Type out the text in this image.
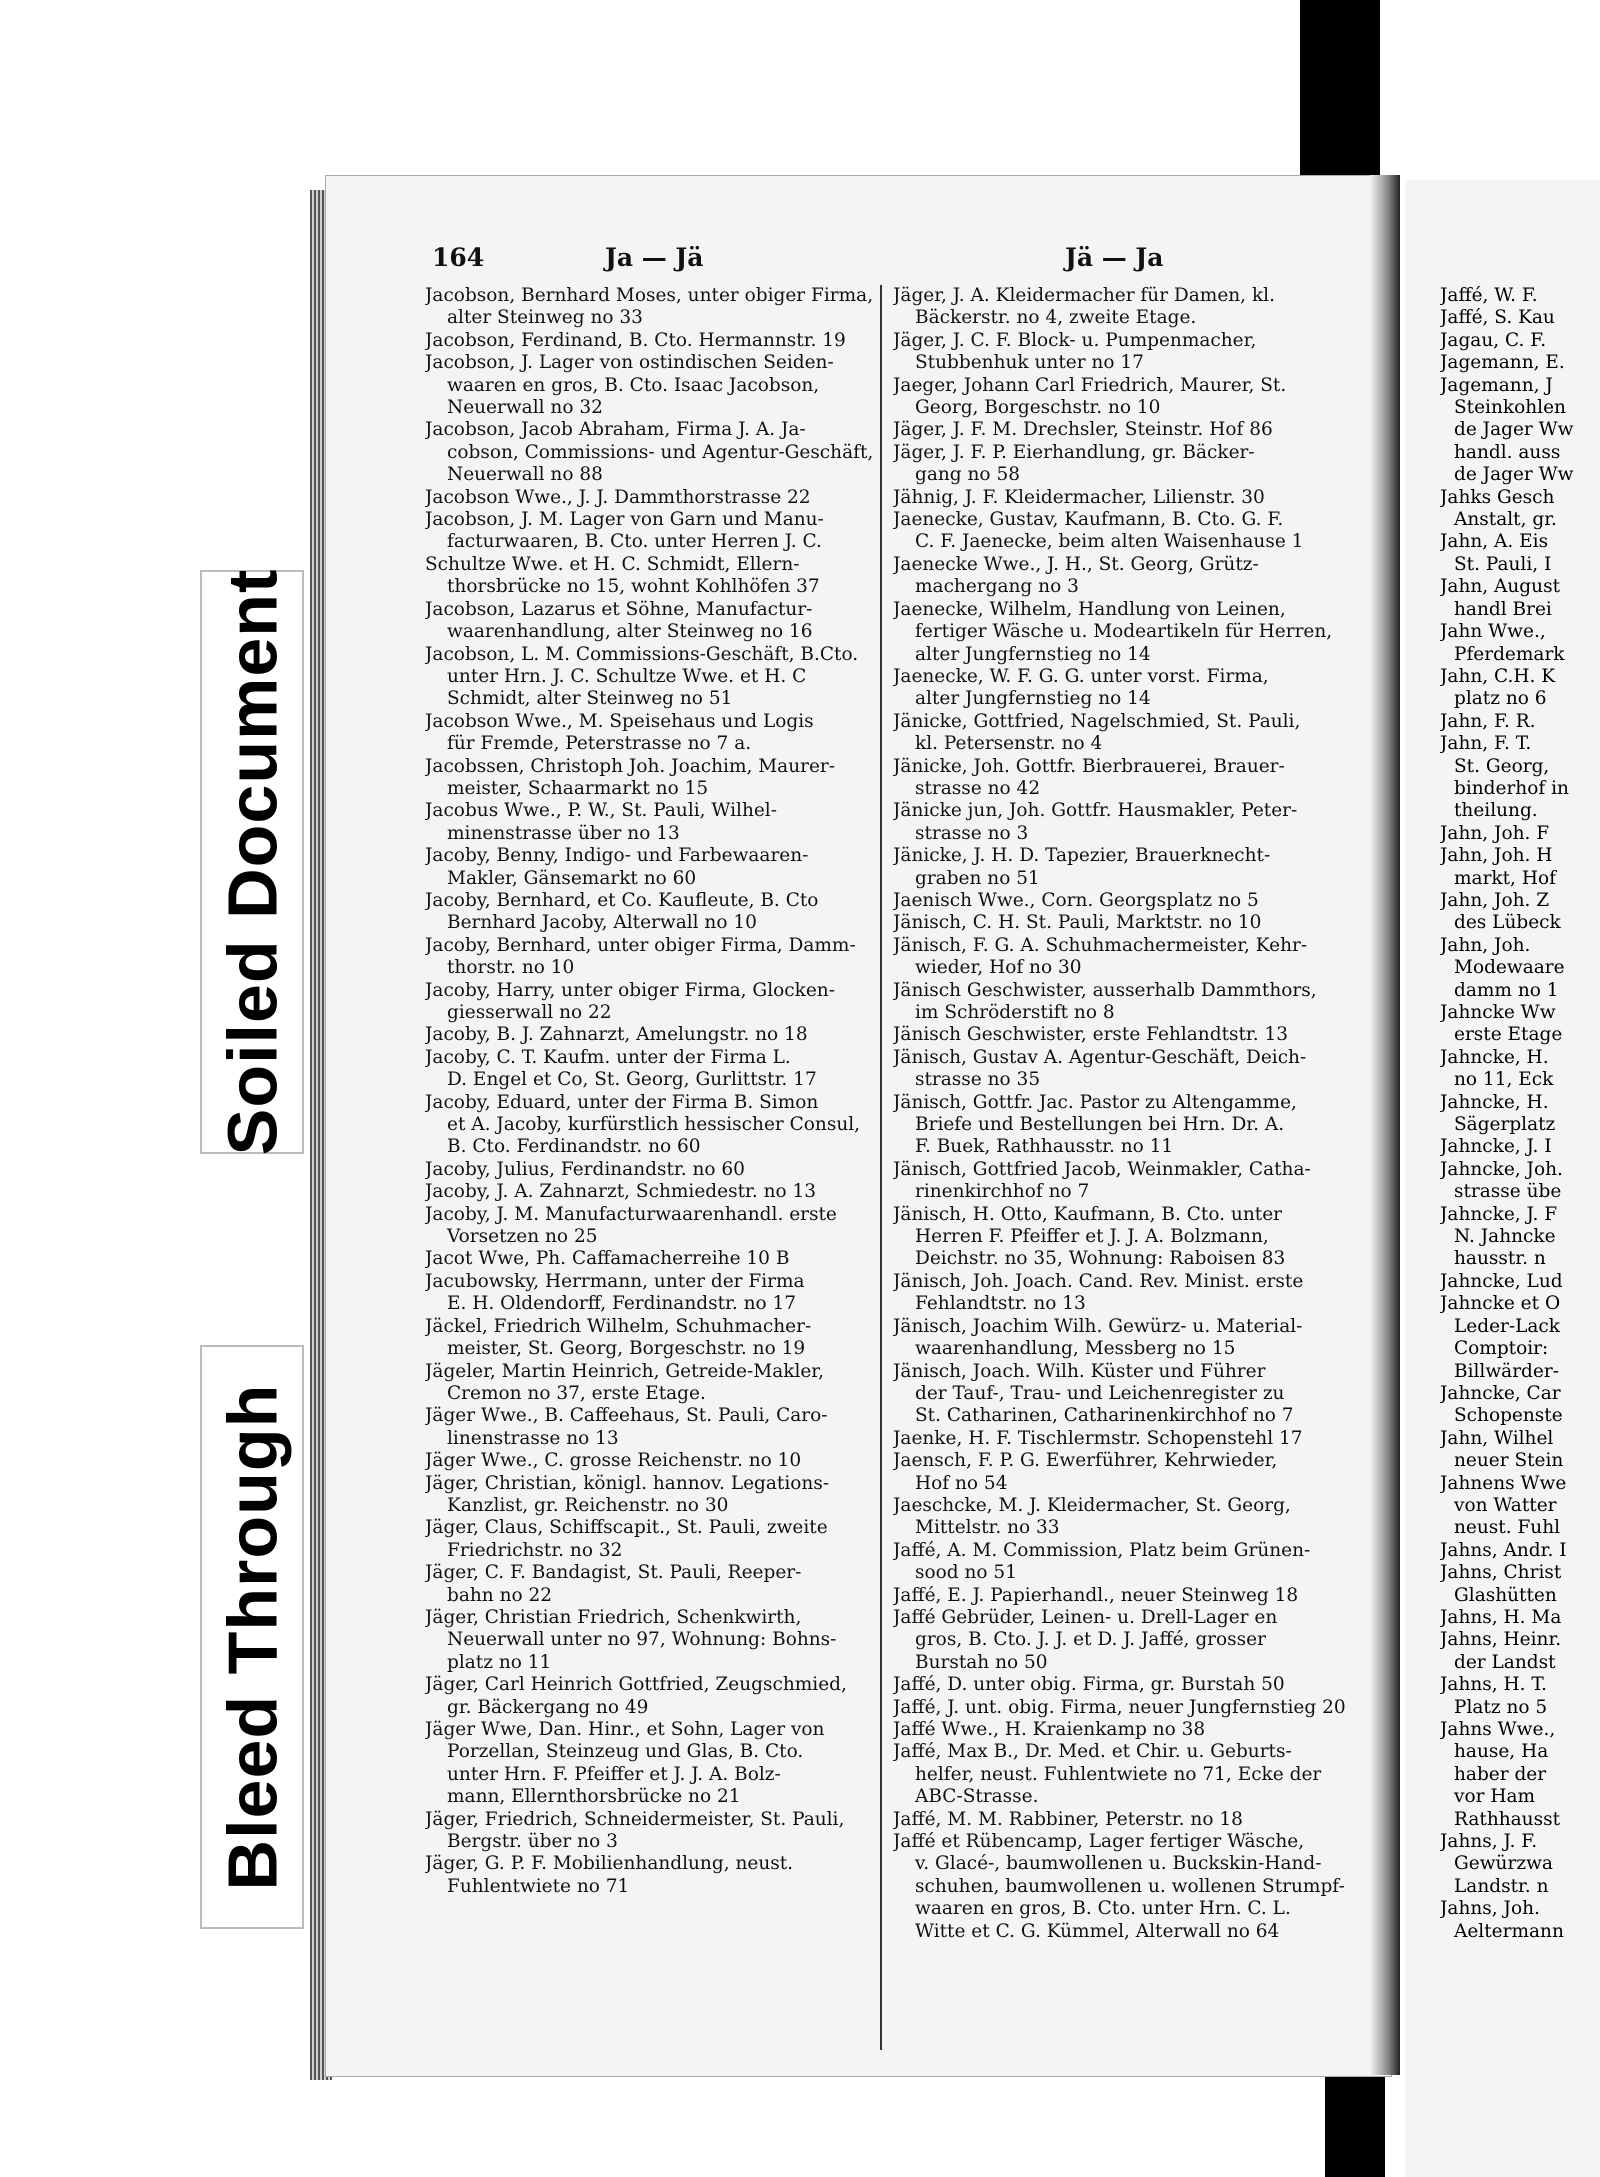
Jaffé, W. F.
Jaffé, S. Kau
Jagau, C. F.
Jagemann, E.
Jagemann, J
Steinkohlen
de Jager Ww
handl. auss
de Jager Ww
Jahks Gesch
Anstalt, gr.
Jahn, A. Eis
St. Pauli, I
Jahn, August
handl Brei
Jahn Wwe.,
Pferdemark
Jahn, C.H. K
platz no 6
Jahn, F. R.
Jahn, F. T.
St. Georg,
binderhof in
theilung.
Jahn, Joh. F
Jahn, Joh. H
markt, Hof
Jahn, Joh. Z
des Lübeck
Jahn, Joh.
Modewaare
damm no 1
Jahncke Ww
erste Etage
Jahncke, H.
no 11, Eck
Jahncke, H.
Sägerplatz
Jahncke, J. I
Jahncke, Joh.
strasse übe
Jahncke, J. F
N. Jahncke
hausstr. n
Jahncke, Lud
Jahncke et O
Leder-Lack
Comptoir:
Billwärder-
Jahncke, Car
Schopenste
Jahn, Wilhel
neuer Stein
Jahnens Wwe
von Watter
neust. Fuhl
Jahns, Andr. I
Jahns, Christ
Glashütten
Jahns, H. Ma
Jahns, Heinr.
der Landst
Jahns, H. T.
Platz no 5
Jahns Wwe.,
hause, Ha
haber der
vor Ham
Rathhausst
Jahns, J. F.
Gewürzwa
Landstr. n
Jahns, Joh.
Aeltermann
Soiled Document
Bleed Through
164	Ja — Jä	Jä — Ja
Jacobson, Bernhard Moses, unter obiger Firma,
alter Steinweg no 33
Jacobson, Ferdinand, B. Cto. Hermannstr. 19
Jacobson, J. Lager von ostindischen Seiden-
waaren en gros, B. Cto. Isaac Jacobson,
Neuerwall no 32
Jacobson, Jacob Abraham, Firma J. A. Ja-
cobson, Commissions- und Agentur-Geschäft,
Neuerwall no 88
Jacobson Wwe., J. J. Dammthorstrasse 22
Jacobson, J. M. Lager von Garn und Manu-
facturwaaren, B. Cto. unter Herren J. C.
Schultze Wwe. et H. C. Schmidt, Ellern-
thorsbrücke no 15, wohnt Kohlhöfen 37
Jacobson, Lazarus et Söhne, Manufactur-
waarenhandlung, alter Steinweg no 16
Jacobson, L. M. Commissions-Geschäft, B.Cto.
unter Hrn. J. C. Schultze Wwe. et H. C
Schmidt, alter Steinweg no 51
Jacobson Wwe., M. Speisehaus und Logis
für Fremde, Peterstrasse no 7 a.
Jacobssen, Christoph Joh. Joachim, Maurer-
meister, Schaarmarkt no 15
Jacobus Wwe., P. W., St. Pauli, Wilhel-
minenstrasse über no 13
Jacoby, Benny, Indigo- und Farbewaaren-
Makler, Gänsemarkt no 60
Jacoby, Bernhard, et Co. Kaufleute, B. Cto
Bernhard Jacoby, Alterwall no 10
Jacoby, Bernhard, unter obiger Firma, Damm-
thorstr. no 10
Jacoby, Harry, unter obiger Firma, Glocken-
giesserwall no 22
Jacoby, B. J. Zahnarzt, Amelungstr. no 18
Jacoby, C. T. Kaufm. unter der Firma L.
D. Engel et Co, St. Georg, Gurlittstr. 17
Jacoby, Eduard, unter der Firma B. Simon
et A. Jacoby, kurfürstlich hessischer Consul,
B. Cto. Ferdinandstr. no 60
Jacoby, Julius, Ferdinandstr. no 60
Jacoby, J. A. Zahnarzt, Schmiedestr. no 13
Jacoby, J. M. Manufacturwaarenhandl. erste
Vorsetzen no 25
Jacot Wwe, Ph. Caffamacherreihe 10 B
Jacubowsky, Herrmann, unter der Firma
E. H. Oldendorff, Ferdinandstr. no 17
Jäckel, Friedrich Wilhelm, Schuhmacher-
meister, St. Georg, Borgeschstr. no 19
Jägeler, Martin Heinrich, Getreide-Makler,
Cremon no 37, erste Etage.
Jäger Wwe., B. Caffeehaus, St. Pauli, Caro-
linenstrasse no 13
Jäger Wwe., C. grosse Reichenstr. no 10
Jäger, Christian, königl. hannov. Legations-
Kanzlist, gr. Reichenstr. no 30
Jäger, Claus, Schiffscapit., St. Pauli, zweite
Friedrichstr. no 32
Jäger, C. F. Bandagist, St. Pauli, Reeper-
bahn no 22
Jäger, Christian Friedrich, Schenkwirth,
Neuerwall unter no 97, Wohnung: Bohns-
platz no 11
Jäger, Carl Heinrich Gottfried, Zeugschmied,
gr. Bäckergang no 49
Jäger Wwe, Dan. Hinr., et Sohn, Lager von
Porzellan, Steinzeug und Glas, B. Cto.
unter Hrn. F. Pfeiffer et J. J. A. Bolz-
mann, Ellernthorsbrücke no 21
Jäger, Friedrich, Schneidermeister, St. Pauli,
Bergstr. über no 3
Jäger, G. P. F. Mobilienhandlung, neust.
Fuhlentwiete no 71
Jäger, J. A. Kleidermacher für Damen, kl.
Bäckerstr. no 4, zweite Etage.
Jäger, J. C. F. Block- u. Pumpenmacher,
Stubbenhuk unter no 17
Jaeger, Johann Carl Friedrich, Maurer, St.
Georg, Borgeschstr. no 10
Jäger, J. F. M. Drechsler, Steinstr. Hof 86
Jäger, J. F. P. Eierhandlung, gr. Bäcker-
gang no 58
Jähnig, J. F. Kleidermacher, Lilienstr. 30
Jaenecke, Gustav, Kaufmann, B. Cto. G. F.
C. F. Jaenecke, beim alten Waisenhause 1
Jaenecke Wwe., J. H., St. Georg, Grütz-
machergang no 3
Jaenecke, Wilhelm, Handlung von Leinen,
fertiger Wäsche u. Modeartikeln für Herren,
alter Jungfernstieg no 14
Jaenecke, W. F. G. G. unter vorst. Firma,
alter Jungfernstieg no 14
Jänicke, Gottfried, Nagelschmied, St. Pauli,
kl. Petersenstr. no 4
Jänicke, Joh. Gottfr. Bierbrauerei, Brauer-
strasse no 42
Jänicke jun, Joh. Gottfr. Hausmakler, Peter-
strasse no 3
Jänicke, J. H. D. Tapezier, Brauerknecht-
graben no 51
Jaenisch Wwe., Corn. Georgsplatz no 5
Jänisch, C. H. St. Pauli, Marktstr. no 10
Jänisch, F. G. A. Schuhmachermeister, Kehr-
wieder, Hof no 30
Jänisch Geschwister, ausserhalb Dammthors,
im Schröderstift no 8
Jänisch Geschwister, erste Fehlandtstr. 13
Jänisch, Gustav A. Agentur-Geschäft, Deich-
strasse no 35
Jänisch, Gottfr. Jac. Pastor zu Altengamme,
Briefe und Bestellungen bei Hrn. Dr. A.
F. Buek, Rathhausstr. no 11
Jänisch, Gottfried Jacob, Weinmakler, Catha-
rinenkirchhof no 7
Jänisch, H. Otto, Kaufmann, B. Cto. unter
Herren F. Pfeiffer et J. J. A. Bolzmann,
Deichstr. no 35, Wohnung: Raboisen 83
Jänisch, Joh. Joach. Cand. Rev. Minist. erste
Fehlandtstr. no 13
Jänisch, Joachim Wilh. Gewürz- u. Material-
waarenhandlung, Messberg no 15
Jänisch, Joach. Wilh. Küster und Führer
der Tauf-, Trau- und Leichenregister zu
St. Catharinen, Catharinenkirchhof no 7
Jaenke, H. F. Tischlermstr. Schopenstehl 17
Jaensch, F. P. G. Ewerführer, Kehrwieder,
Hof no 54
Jaeschcke, M. J. Kleidermacher, St. Georg,
Mittelstr. no 33
Jaffé, A. M. Commission, Platz beim Grünen-
sood no 51
Jaffé, E. J. Papierhandl., neuer Steinweg 18
Jaffé Gebrüder, Leinen- u. Drell-Lager en
gros, B. Cto. J. J. et D. J. Jaffé, grosser
Burstah no 50
Jaffé, D. unter obig. Firma, gr. Burstah 50
Jaffé, J. unt. obig. Firma, neuer Jungfernstieg 20
Jaffé Wwe., H. Kraienkamp no 38
Jaffé, Max B., Dr. Med. et Chir. u. Geburts-
helfer, neust. Fuhlentwiete no 71, Ecke der
ABC-Strasse.
Jaffé, M. M. Rabbiner, Peterstr. no 18
Jaffé et Rübencamp, Lager fertiger Wäsche,
v. Glacé-, baumwollenen u. Buckskin-Hand-
schuhen, baumwollenen u. wollenen Strumpf-
waaren en gros, B. Cto. unter Hrn. C. L.
Witte et C. G. Kümmel, Alterwall no 64
